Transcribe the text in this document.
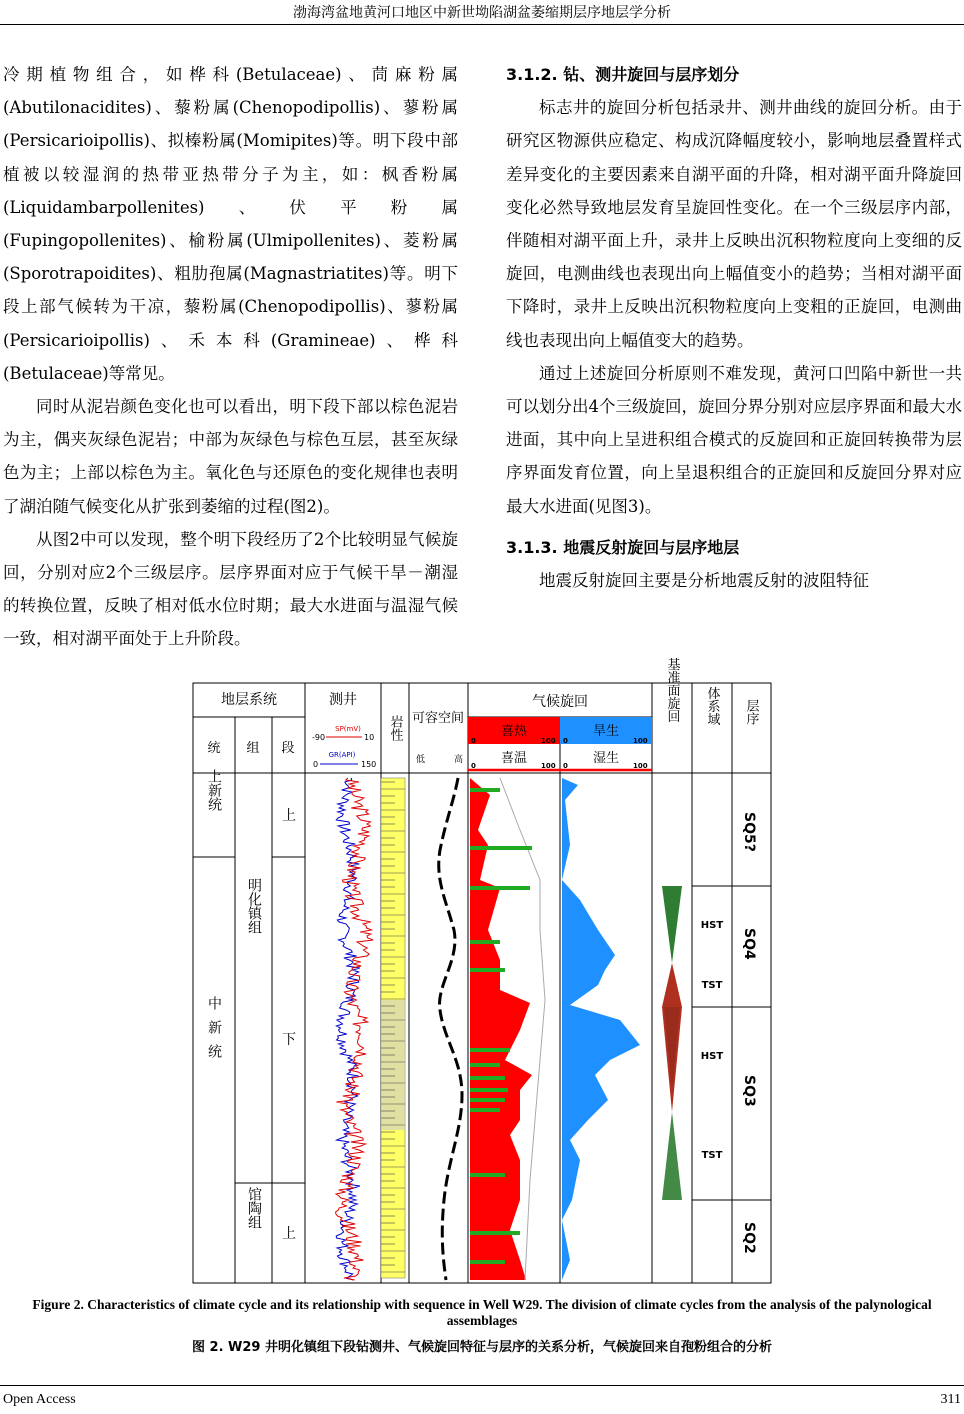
渤海湾盆地黄河口地区中新世坳陷湖盆萎缩期层序地层学分析

冷期植物组合，如桦科(Betulaceae)、茼麻粉属(Abutilonacidites)、藜粉属(Chenopodipollis)、蓼粉属(Persicarioipollis)、拟榛粉属(Momipites)等。明下段中部植被以较湿润的热带亚热带分子为主，如：枫香粉属(Liquidambarpollenites)、伏平粉属(Fupingopollenites)、榆粉属(Ulmipollenites)、菱粉属(Sporotrapoidites)、粗肋孢属(Magnastriatites)等。明下段上部气候转为干凉，藜粉属(Chenopodipollis)、蓼粉属(Persicarioipollis)、禾本科(Gramineae)、桦科(Betulaceae)等常见。

同时从泥岩颜色变化也可以看出，明下段下部以棕色泥岩为主，偶夹灰绿色泥岩；中部为灰绿色与棕色互层，甚至灰绿色为主；上部以棕色为主。氧化色与还原色的变化规律也表明了湖泊随气候变化从扩张到萎缩的过程(图2)。

从图2中可以发现，整个明下段经历了2个比较明显气候旋回，分别对应2个三级层序。层序界面对应于气候干旱－潮湿的转换位置，反映了相对低水位时期；最大水进面与温湿气候一致，相对湖平面处于上升阶段。

3.1.2. 钻、测井旋回与层序划分

标志井的旋回分析包括录井、测井曲线的旋回分析。由于研究区物源供应稳定、构成沉降幅度较小，影响地层叠置样式差异变化的主要因素来自湖平面的升降，相对湖平面升降旋回变化必然导致地层发育呈旋回性变化。在一个三级层序内部，伴随相对湖平面上升，录井上反映出沉积物粒度向上变细的反旋回，电测曲线也表现出向上幅值变小的趋势；当相对湖平面下降时，录井上反映出沉积物粒度向上变粗的正旋回，电测曲线也表现出向上幅值变大的趋势。

通过上述旋回分析原则不难发现，黄河口凹陷中新世一共可以划分出4个三级旋回，旋回分界分别对应层序界面和最大水进面，其中向上呈进积组合模式的反旋回和正旋回转换带为层序界面发育位置，向上呈退积组合的正旋回和反旋回分界对应最大水进面(见图3)。

3.1.3. 地震反射旋回与层序地层

地震反射旋回主要是分析地震反射的波阻特征

地层系统	测井
岩性 可容空间
气候旋回	基准面旋回 体系域 层序
统 组 段
SP(mV)
-90	10
GR(API)
0	150	低	高
喜热	旱生
喜温	湿生
0	100 0	100
0	100 0	100
上新统
中新统
明化镇组
馆陶组
上
下
上
HST
TST
HST
TST
SQ5?
SQ4
SQ3
SQ2
Figure 2. Characteristics of climate cycle and its relationship with sequence in Well W29. The division of climate cycles from the analysis of the palynological assemblages
图 2. W29 井明化镇组下段钻测井、气候旋回特征与层序的关系分析，气候旋回来自孢粉组合的分析
Open Access	311
